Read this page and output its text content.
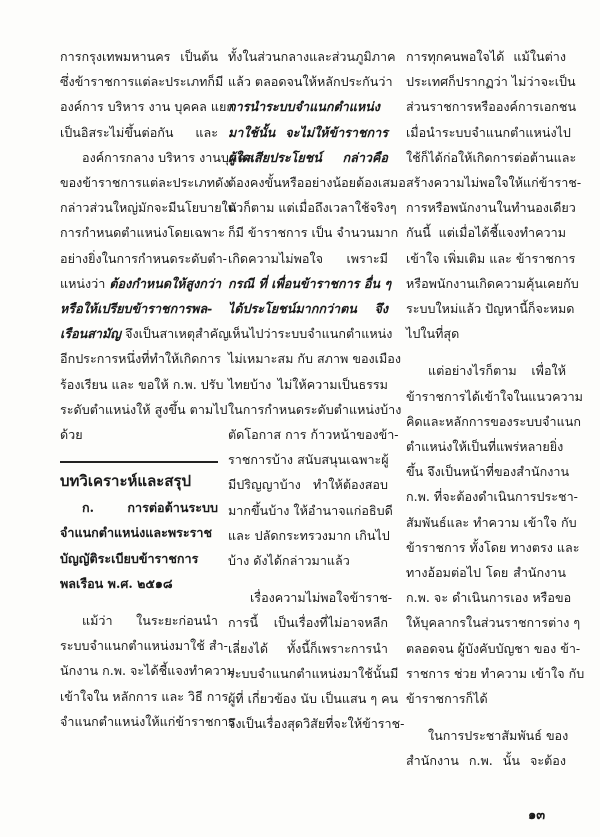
การกรุงเทพมหานคร เป็นต้น
ซึ่งข้าราชการแต่ละประเภทก็มี
องค์การ บริหาร งาน บุคคล แยก
เป็นอิสระไม่ขึ้นต่อกัน และ
องค์การกลาง บริหาร งานบุคคล
ของข้าราชการแต่ละประเภทดัง
กล่าวส่วนใหญ่มักจะมีนโยบายใน
การกำหนดตำแหน่งโดยเฉพาะ
อย่างยิ่งในการกำหนดระดับตำ-
แหน่งว่า ต้องกำหนดให้สูงกว่า
หรือให้เปรียบข้าราชการพล-
เรือนสามัญ จึงเป็นสาเหตุสำคัญ
อีกประการหนึ่งที่ทำให้เกิดการ
ร้องเรียน และ ขอให้ ก.พ. ปรับ
ระดับตำแหน่งให้ สูงขึ้น ตามไป
ด้วย
บทวิเคราะห์และสรุป
ก. การต่อต้านระบบ
จำแนกตำแหน่งและพระราช
บัญญัติระเบียบข้าราชการ
พลเรือน พ.ศ. ๒๕๑๘
แม้ว่า ในระยะก่อนนำ
ระบบจำแนกตำแหน่งมาใช้ สำ-
นักงาน ก.พ. จะได้ชี้แจงทำความ
เข้าใจใน หลักการ และ วิธี การ
จำแนกตำแหน่งให้แก่ข้าราชการ
ทั้งในส่วนกลางและส่วนภูมิภาค
แล้ว ตลอดจนให้หลักประกันว่า
การนำระบบจำแนกตำแหน่ง
มาใช้นั้น จะไม่ให้ข้าราชการ
ผู้ใดเสียประโยชน์ กล่าวคือ
ต้องคงขั้นหรืออย่างน้อยต้องเสมอ
ตัวก็ตาม แต่เมื่อถึงเวลาใช้จริงๆ
ก็มี ข้าราชการ เป็น จำนวนมาก
เกิดความไม่พอใจ เพราะมี
กรณี ที่ เพื่อนข้าราชการ อื่น ๆ
ได้ประโยชน์มากกว่าตน จึง
เห็นไปว่าระบบจำแนกตำแหน่ง
ไม่เหมาะสม กับ สภาพ ของเมือง
ไทยบ้าง ไม่ให้ความเป็นธรรม
ในการกำหนดระดับตำแหน่งบ้าง
ตัดโอกาส การ ก้าวหน้าของข้า-
ราชการบ้าง สนับสนุนเฉพาะผู้
มีปริญญาบ้าง ทำให้ต้องสอบ
มากขึ้นบ้าง ให้อำนาจแก่อธิบดี
และ ปลัดกระทรวงมาก เกินไป
บ้าง ดังได้กล่าวมาแล้ว
เรื่องความไม่พอใจข้าราช-
การนี้ เป็นเรื่องที่ไม่อาจหลีก
เลี่ยงได้ ทั้งนี้ก็เพราะการนำ
ระบบจำแนกตำแหน่งมาใช้นั้นมี
ผู้ที่ เกี่ยวข้อง นับ เป็นแสน ๆ คน
จึงเป็นเรื่องสุดวิสัยที่จะให้ข้าราช-
การทุกคนพอใจได้ แม้ในต่าง
ประเทศก็ปรากฏว่า ไม่ว่าจะเป็น
ส่วนราชการหรือองค์การเอกชน
เมื่อนำระบบจำแนกตำแหน่งไป
ใช้ก็ได้ก่อให้เกิดการต่อต้านและ
สร้างความไม่พอใจให้แก่ข้าราช-
การหรือพนักงานในทำนองเดียว
กันนี้ แต่เมื่อได้ชี้แจงทำความ
เข้าใจ เพิ่มเติม และ ข้าราชการ
หรือพนักงานเกิดความคุ้นเคยกับ
ระบบใหม่แล้ว ปัญหานี้ก็จะหมด
ไปในที่สุด
แต่อย่างไรก็ตาม เพื่อให้
ข้าราชการได้เข้าใจในแนวความ
คิดและหลักการของระบบจำแนก
ตำแหน่งให้เป็นที่แพร่หลายยิ่ง
ขึ้น จึงเป็นหน้าที่ของสำนักงาน
ก.พ. ที่จะต้องดำเนินการประชา-
สัมพันธ์และ ทำความ เข้าใจ กับ
ข้าราชการ ทั้งโดย ทางตรง และ
ทางอ้อมต่อไป โดย สำนักงาน
ก.พ. จะ ดำเนินการเอง หรือขอ
ให้บุคลากรในส่วนราชการต่าง ๆ
ตลอดจน ผู้บังคับบัญชา ของ ข้า-
ราชการ ช่วย ทำความ เข้าใจ กับ
ข้าราชการก็ได้
ในการประชาสัมพันธ์ ของ
สำนักงาน ก.พ. นั้น จะต้อง
๑๓
